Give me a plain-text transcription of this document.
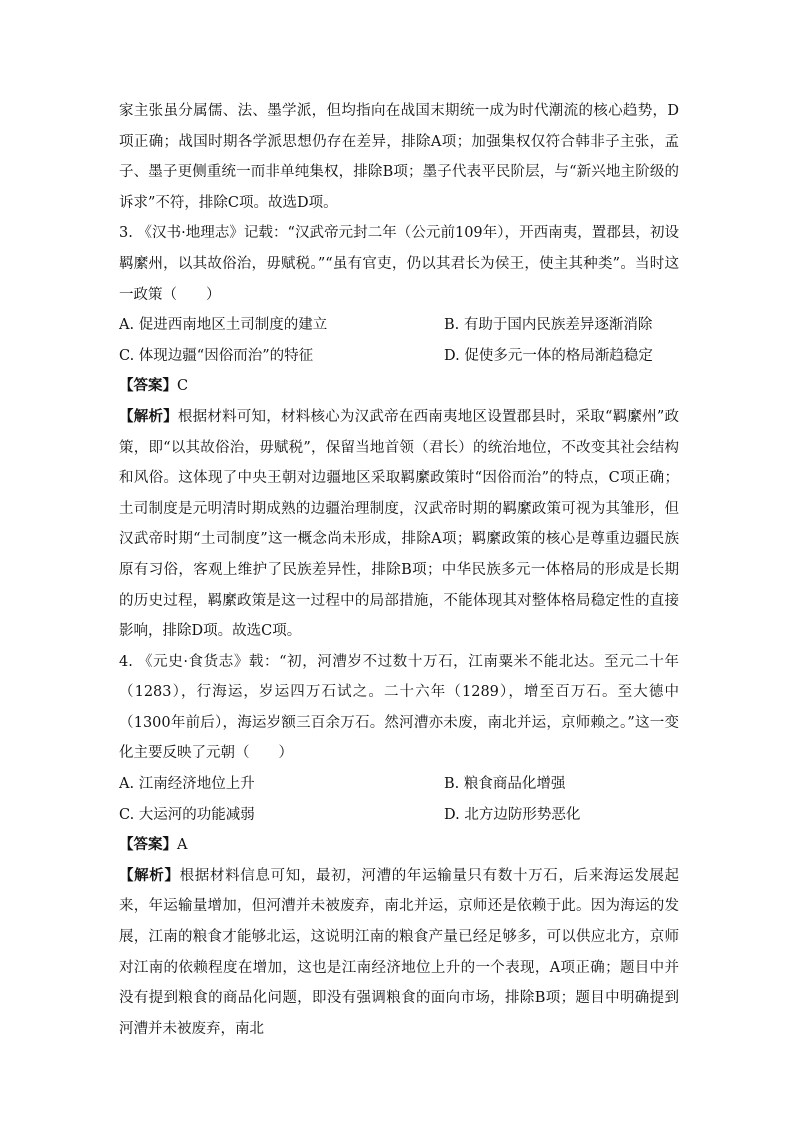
家主张虽分属儒、法、墨学派，但均指向在战国末期统一成为时代潮流的核心趋势，D项正确；战国时期各学派思想仍存在差异，排除A项；加强集权仅符合韩非子主张，孟子、墨子更侧重统一而非单纯集权，排除B项；墨子代表平民阶层，与“新兴地主阶级的诉求”不符，排除C项。故选D项。

3. 《汉书·地理志》记载：“汉武帝元封二年（公元前109年），开西南夷，置郡县，初设羁縻州，以其故俗治，毋赋税。”“虽有官吏，仍以其君长为侯王，使主其种类”。当时这一政策（　　）

A. 促进西南地区土司制度的建立	B. 有助于国内民族差异逐渐消除
C. 体现边疆“因俗而治”的特征	D. 促使多元一体的格局渐趋稳定

【答案】C

【解析】根据材料可知，材料核心为汉武帝在西南夷地区设置郡县时，采取“羁縻州”政策，即“以其故俗治，毋赋税”，保留当地首领（君长）的统治地位，不改变其社会结构和风俗。这体现了中央王朝对边疆地区采取羁縻政策时“因俗而治”的特点，C项正确；土司制度是元明清时期成熟的边疆治理制度，汉武帝时期的羁縻政策可视为其雏形，但汉武帝时期“土司制度”这一概念尚未形成，排除A项；羁縻政策的核心是尊重边疆民族原有习俗，客观上维护了民族差异性，排除B项；中华民族多元一体格局的形成是长期的历史过程，羁縻政策是这一过程中的局部措施，不能体现其对整体格局稳定性的直接影响，排除D项。故选C项。

4. 《元史·食货志》载：“初，河漕岁不过数十万石，江南粟米不能北达。至元二十年（1283），行海运，岁运四万石试之。二十六年（1289），增至百万石。至大德中（1300年前后），海运岁额三百余万石。然河漕亦未废，南北并运，京师赖之。”这一变化主要反映了元朝（　　）

A. 江南经济地位上升	B. 粮食商品化增强
C. 大运河的功能减弱	D. 北方边防形势恶化

【答案】A

【解析】根据材料信息可知，最初，河漕的年运输量只有数十万石，后来海运发展起来，年运输量增加，但河漕并未被废弃，南北并运，京师还是依赖于此。因为海运的发展，江南的粮食才能够北运，这说明江南的粮食产量已经足够多，可以供应北方，京师对江南的依赖程度在增加，这也是江南经济地位上升的一个表现，A项正确；题目中并没有提到粮食的商品化问题，即没有强调粮食的面向市场，排除B项；题目中明确提到河漕并未被废弃，南北
